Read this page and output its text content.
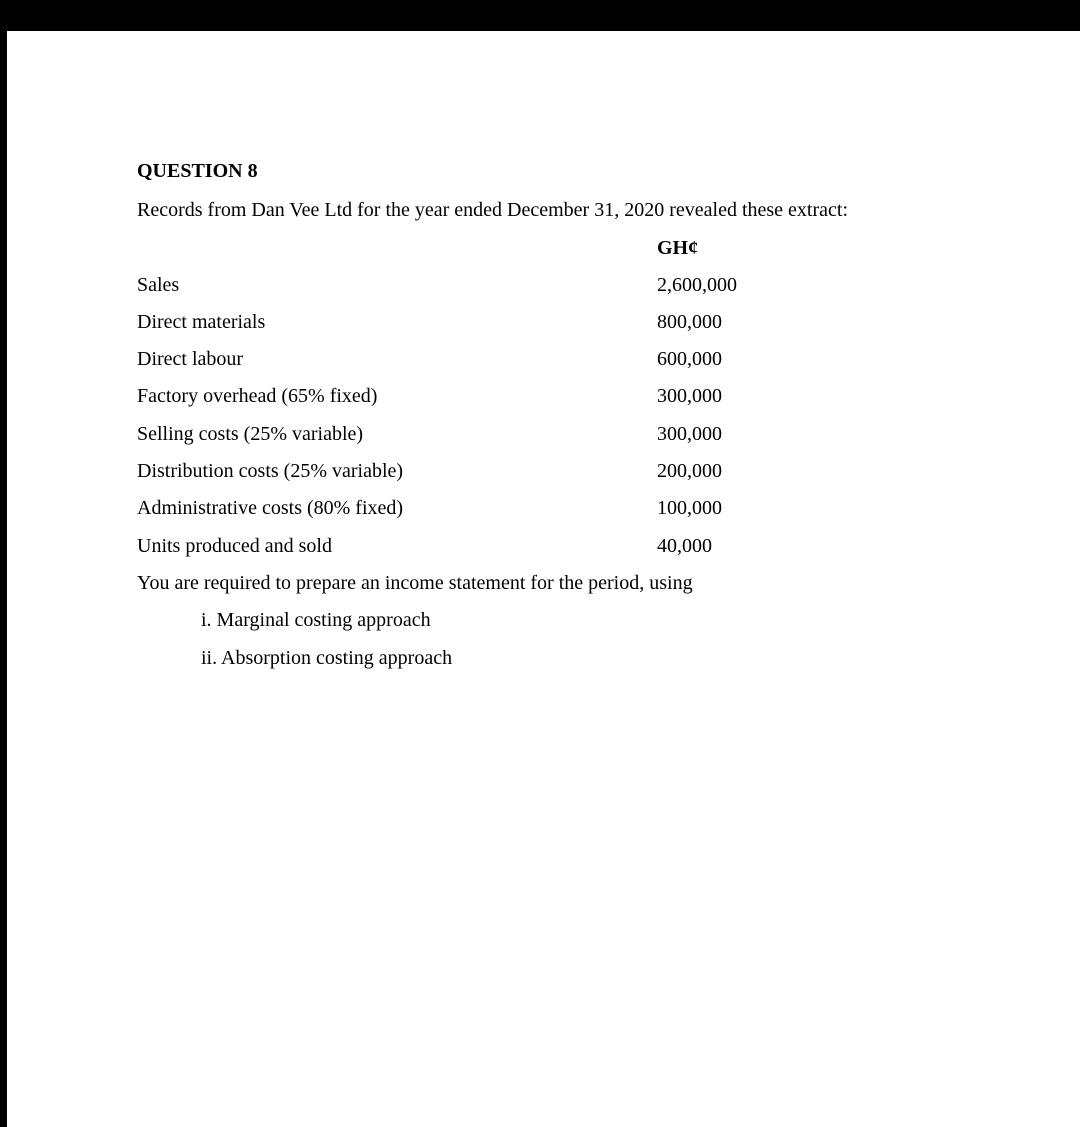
QUESTION 8
Records from Dan Vee Ltd for the year ended December 31, 2020 revealed these extract:
GH¢
Sales	2,600,000
Direct materials	800,000
Direct labour	600,000
Factory overhead (65% fixed)	300,000
Selling costs (25% variable)	300,000
Distribution costs (25% variable)	200,000
Administrative costs (80% fixed)	100,000
Units produced and sold	40,000
You are required to prepare an income statement for the period, using
i. Marginal costing approach
ii. Absorption costing approach
